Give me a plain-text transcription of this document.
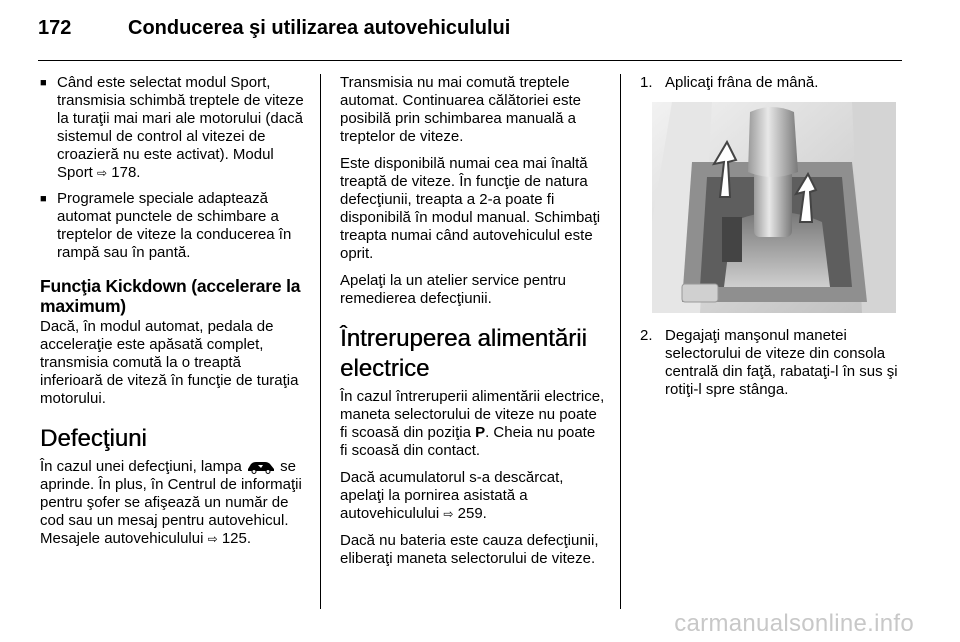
172	Conducerea şi utilizarea autovehiculului
■ Când este selectat modul Sport, transmisia schimbă treptele de viteze la turaţii mai mari ale motorului (dacă sistemul de control al vitezei de croazieră nu este activat). Modul Sport ⇨ 178.
■ Programele speciale adaptează automat punctele de schimbare a treptelor de viteze la conducerea în rampă sau în pantă.
Funcţia Kickdown (accelerare la maximum)

Dacă, în modul automat, pedala de acceleraţie este apăsată complet, transmisia comută la o treaptă inferioară de viteză în funcţie de turaţia motorului.

Defecţiuni

În cazul unei defecţiuni, lampa	se aprinde. În plus, în Centrul de informaţii pentru şofer se afişează un număr de cod sau un mesaj pentru autovehicul. Mesajele autovehiculului ⇨ 125.

Transmisia nu mai comută treptele automat. Continuarea călătoriei este posibilă prin schimbarea manuală a treptelor de viteze.

Este disponibilă numai cea mai înaltă treaptă de viteze. În funcţie de natura defecţiunii, treapta a 2-a poate fi disponibilă în modul manual. Schimbaţi treapta numai când autovehiculul este oprit.

Apelaţi la un atelier service pentru remedierea defecţiunii.

Întreruperea alimentării electrice

În cazul întreruperii alimentării electrice, maneta selectorului de viteze nu poate fi scoasă din poziţia P. Cheia nu poate fi scoasă din contact.

Dacă acumulatorul s-a descărcat, apelaţi la pornirea asistată a autovehiculului ⇨ 259.

Dacă nu bateria este cauza defecţiunii, eliberaţi maneta selectorului de viteze.

1. Aplicaţi frâna de mână.
2. Degajaţi manşonul manetei selectorului de viteze din consola centrală din faţă, rabataţi-l în sus şi rotiţi-l spre stânga.
carmanualsonline.info
